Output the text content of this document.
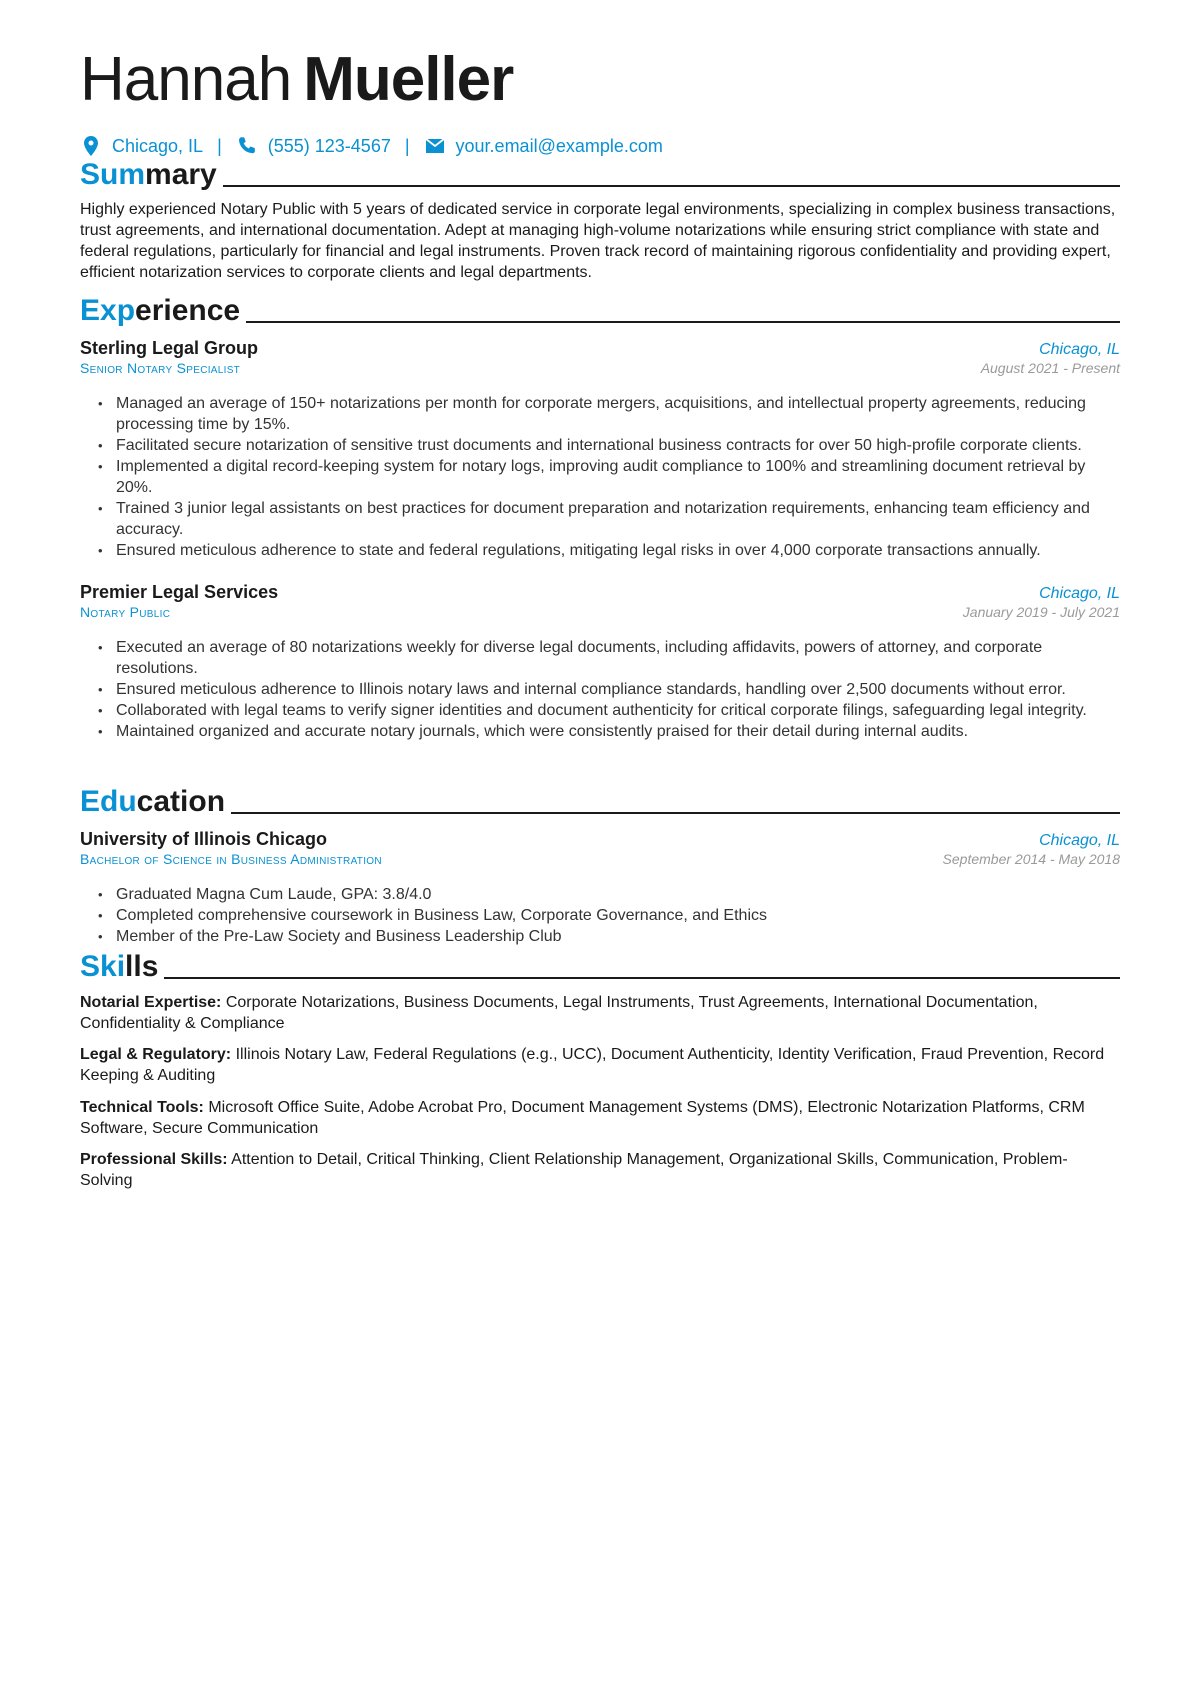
Hannah Mueller
Chicago, IL |	(555) 123-4567 |	your.email@example.com
Summary

Highly experienced Notary Public with 5 years of dedicated service in corporate legal environments, specializing in complex business transactions, trust agreements, and international documentation. Adept at managing high-volume notarizations while ensuring strict compliance with state and federal regulations, particularly for financial and legal instruments. Proven track record of maintaining rigorous confidentiality and providing expert, efficient notarization services to corporate clients and legal departments.

Experience
Sterling Legal Group	Chicago, IL
Senior Notary Specialist	August 2021 - Present
• Managed an average of 150+ notarizations per month for corporate mergers, acquisitions, and intellectual property agreements, reducing processing time by 15%.
• Facilitated secure notarization of sensitive trust documents and international business contracts for over 50 high-profile corporate clients.
• Implemented a digital record-keeping system for notary logs, improving audit compliance to 100% and streamlining document retrieval by 20%.
• Trained 3 junior legal assistants on best practices for document preparation and notarization requirements, enhancing team efficiency and accuracy.
• Ensured meticulous adherence to state and federal regulations, mitigating legal risks in over 4,000 corporate transactions annually.
Premier Legal Services	Chicago, IL
Notary Public	January 2019 - July 2021
• Executed an average of 80 notarizations weekly for diverse legal documents, including affidavits, powers of attorney, and corporate resolutions.
• Ensured meticulous adherence to Illinois notary laws and internal compliance standards, handling over 2,500 documents without error.
• Collaborated with legal teams to verify signer identities and document authenticity for critical corporate filings, safeguarding legal integrity.
• Maintained organized and accurate notary journals, which were consistently praised for their detail during internal audits.
Education
University of Illinois Chicago	Chicago, IL
Bachelor of Science in Business Administration	September 2014 - May 2018
• Graduated Magna Cum Laude, GPA: 3.8/4.0
• Completed comprehensive coursework in Business Law, Corporate Governance, and Ethics
• Member of the Pre-Law Society and Business Leadership Club
Skills

Notarial Expertise: Corporate Notarizations, Business Documents, Legal Instruments, Trust Agreements, International Documentation, Confidentiality & Compliance

Legal & Regulatory: Illinois Notary Law, Federal Regulations (e.g., UCC), Document Authenticity, Identity Verification, Fraud Prevention, Record Keeping & Auditing

Technical Tools: Microsoft Office Suite, Adobe Acrobat Pro, Document Management Systems (DMS), Electronic Notarization Platforms, CRM Software, Secure Communication

Professional Skills: Attention to Detail, Critical Thinking, Client Relationship Management, Organizational Skills, Communication, Problem-Solving
